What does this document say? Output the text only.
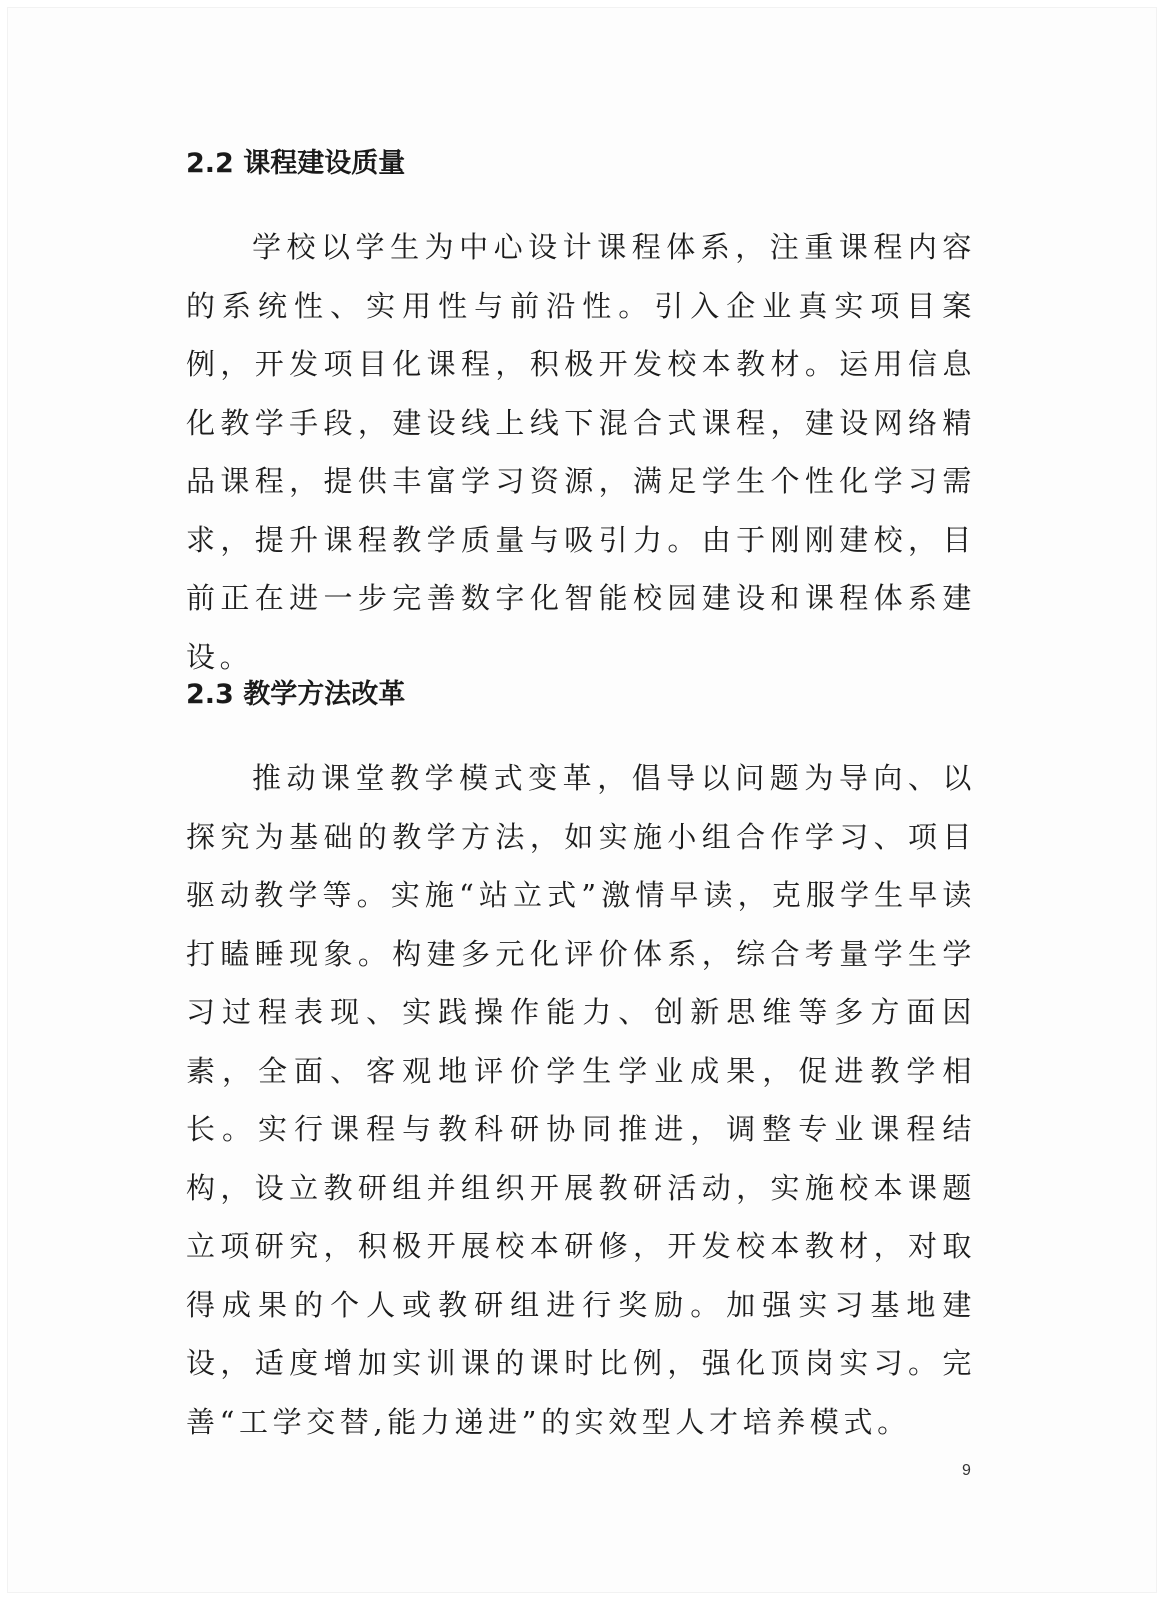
2.2 课程建设质量

学校以学生为中心设计课程体系，注重课程内容的系统性、实用性与前沿性。引入企业真实项目案例，开发项目化课程，积极开发校本教材。运用信息化教学手段，建设线上线下混合式课程，建设网络精品课程，提供丰富学习资源，满足学生个性化学习需求，提升课程教学质量与吸引力。由于刚刚建校，目前正在进一步完善数字化智能校园建设和课程体系建设。

2.3 教学方法改革

推动课堂教学模式变革，倡导以问题为导向、以探究为基础的教学方法，如实施小组合作学习、项目驱动教学等。实施“站立式”激情早读，克服学生早读打瞌睡现象。构建多元化评价体系，综合考量学生学习过程表现、实践操作能力、创新思维等多方面因素，全面、客观地评价学生学业成果，促进教学相长。实行课程与教科研协同推进，调整专业课程结构，设立教研组并组织开展教研活动，实施校本课题立项研究，积极开展校本研修，开发校本教材，对取得成果的个人或教研组进行奖励。加强实习基地建设，适度增加实训课的课时比例，强化顶岗实习。完善“工学交替,能力递进”的实效型人才培养模式。

9
